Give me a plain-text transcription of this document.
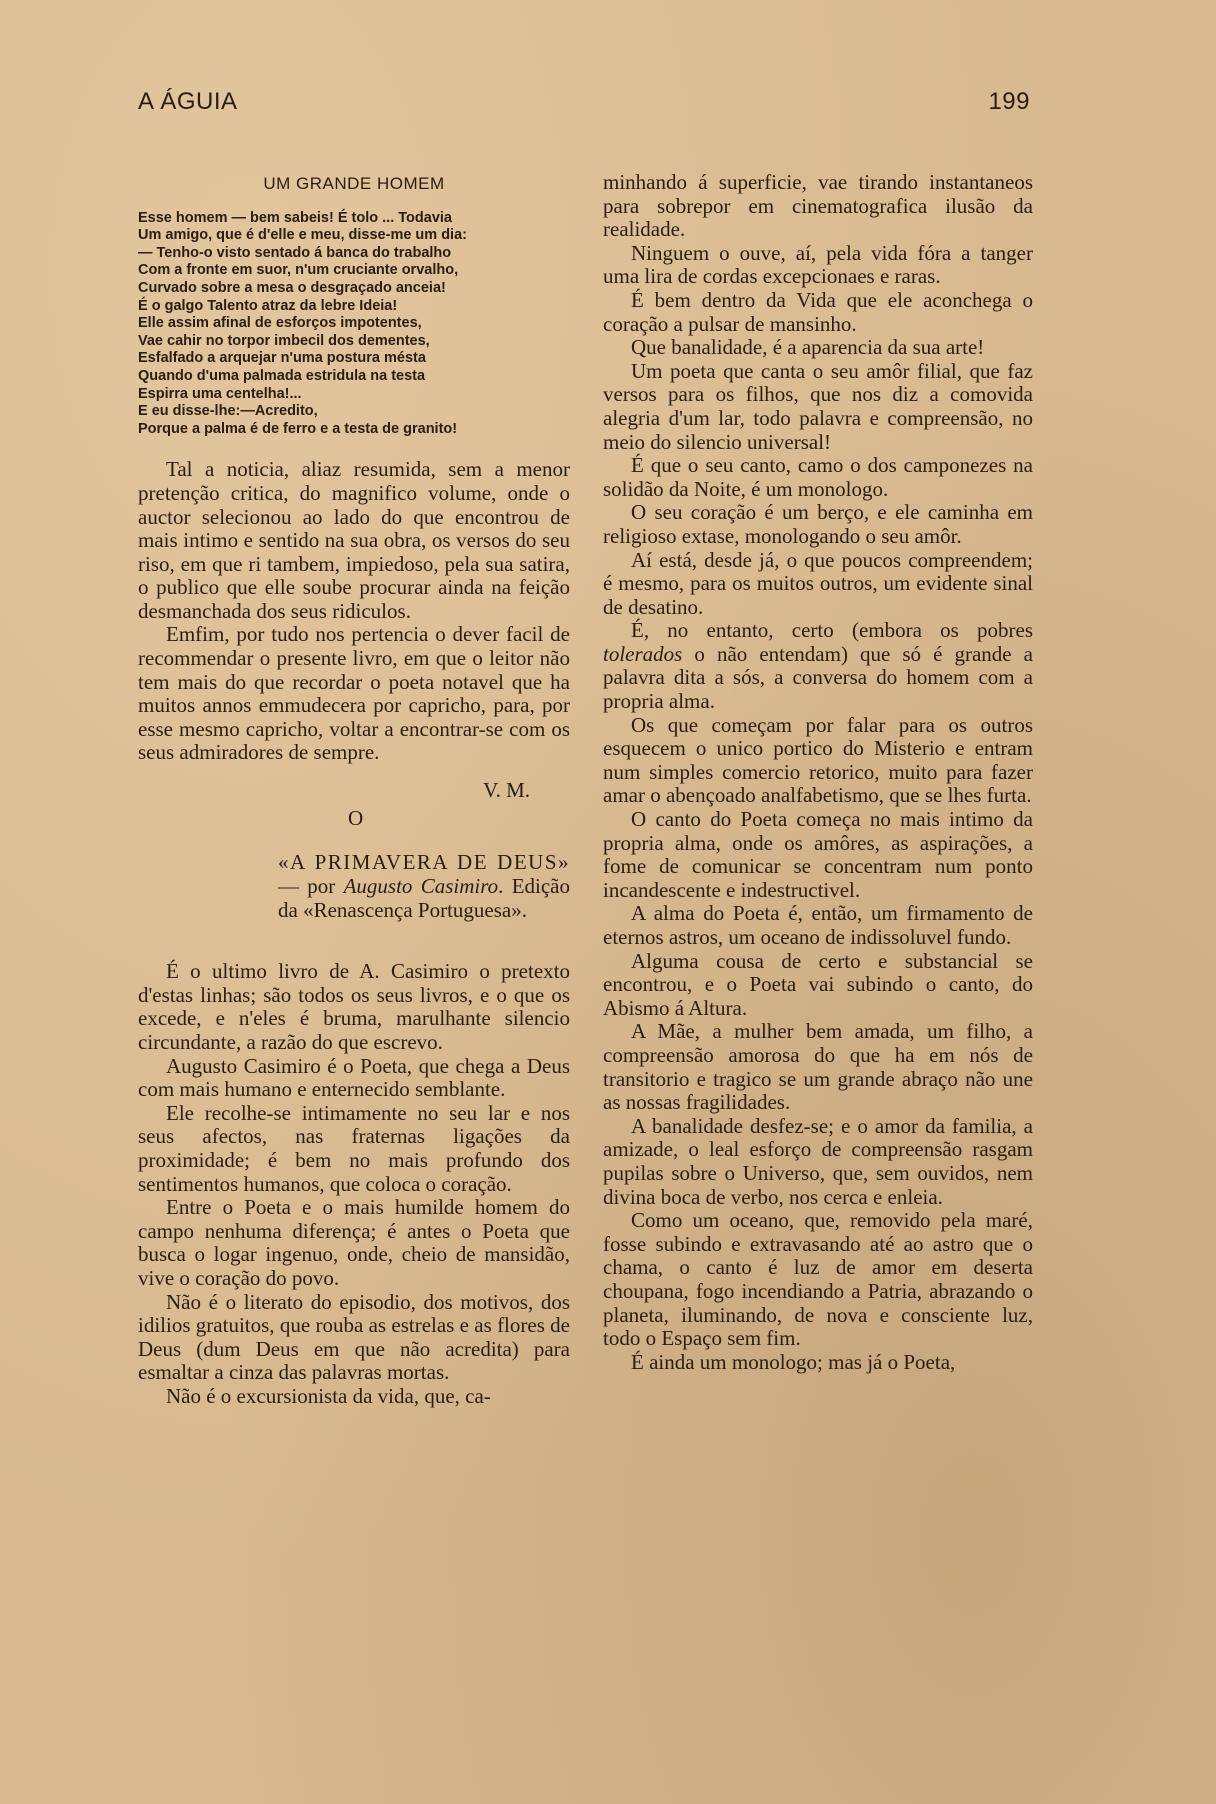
A ÁGUIA	199
UM GRANDE HOMEM
Esse homem — bem sabeis! É tolo ... Todavia
Um amigo, que é d'elle e meu, disse-me um dia:
— Tenho-o visto sentado á banca do trabalho
Com a fronte em suor, n'um cruciante orvalho,
Curvado sobre a mesa o desgraçado anceia!
É o galgo Talento atraz da lebre Ideia!
Elle assim afinal de esforços impotentes,
Vae cahir no torpor imbecil dos dementes,
Esfalfado a arquejar n'uma postura mésta
Quando d'uma palmada estridula na testa
Espirra uma centelha!...
E eu disse-lhe:—Acredito,
Porque a palma é de ferro e a testa de granito!

Tal a noticia, aliaz resumida, sem a menor pretenção critica, do magnifico volume, onde o auctor selecionou ao lado do que encontrou de mais intimo e sentido na sua obra, os versos do seu riso, em que ri tambem, impiedoso, pela sua satira, o publico que elle soube procurar ainda na feição desmanchada dos seus ridiculos.

Emfim, por tudo nos pertencia o dever facil de recommendar o presente livro, em que o leitor não tem mais do que recordar o poeta notavel que ha muitos annos emmudecera por capricho, para, por esse mesmo capricho, voltar a encontrar-se com os seus admiradores de sempre.

V. M.
O
«A PRIMAVERA DE DEUS» — por Augusto Casimiro. Edição da «Renascença Portuguesa».

É o ultimo livro de A. Casimiro o pretexto d'estas linhas; são todos os seus livros, e o que os excede, e n'eles é bruma, marulhante silencio circundante, a razão do que escrevo.

Augusto Casimiro é o Poeta, que chega a Deus com mais humano e enternecido semblante.

Ele recolhe-se intimamente no seu lar e nos seus afectos, nas fraternas ligações da proximidade; é bem no mais profundo dos sentimentos humanos, que coloca o coração.

Entre o Poeta e o mais humilde homem do campo nenhuma diferença; é antes o Poeta que busca o logar ingenuo, onde, cheio de mansidão, vive o coração do povo.

Não é o literato do episodio, dos motivos, dos idilios gratuitos, que rouba as estrelas e as flores de Deus (dum Deus em que não acredita) para esmaltar a cinza das palavras mortas.

Não é o excursionista da vida, que, ca-

minhando á superficie, vae tirando instantaneos para sobrepor em cinematografica ilusão da realidade.

Ninguem o ouve, aí, pela vida fóra a tanger uma lira de cordas excepcionaes e raras.

É bem dentro da Vida que ele aconchega o coração a pulsar de mansinho.

Que banalidade, é a aparencia da sua arte!

Um poeta que canta o seu amôr filial, que faz versos para os filhos, que nos diz a comovida alegria d'um lar, todo palavra e compreensão, no meio do silencio universal!

É que o seu canto, camo o dos camponezes na solidão da Noite, é um monologo.

O seu coração é um berço, e ele caminha em religioso extase, monologando o seu amôr.

Aí está, desde já, o que poucos compreendem; é mesmo, para os muitos outros, um evidente sinal de desatino.

É, no entanto, certo (embora os pobres tolerados o não entendam) que só é grande a palavra dita a sós, a conversa do homem com a propria alma.

Os que começam por falar para os outros esquecem o unico portico do Misterio e entram num simples comercio retorico, muito para fazer amar o abençoado analfabetismo, que se lhes furta.

O canto do Poeta começa no mais intimo da propria alma, onde os amôres, as aspirações, a fome de comunicar se concentram num ponto incandescente e indestructivel.

A alma do Poeta é, então, um firmamento de eternos astros, um oceano de indissoluvel fundo.

Alguma cousa de certo e substancial se encontrou, e o Poeta vai subindo o canto, do Abismo á Altura.

A Mãe, a mulher bem amada, um filho, a compreensão amorosa do que ha em nós de transitorio e tragico se um grande abraço não une as nossas fragilidades.

A banalidade desfez-se; e o amor da familia, a amizade, o leal esforço de compreensão rasgam pupilas sobre o Universo, que, sem ouvidos, nem divina boca de verbo, nos cerca e enleia.

Como um oceano, que, removido pela maré, fosse subindo e extravasando até ao astro que o chama, o canto é luz de amor em deserta choupana, fogo incendiando a Patria, abrazando o planeta, iluminando, de nova e consciente luz, todo o Espaço sem fim.

É ainda um monologo; mas já o Poeta,
